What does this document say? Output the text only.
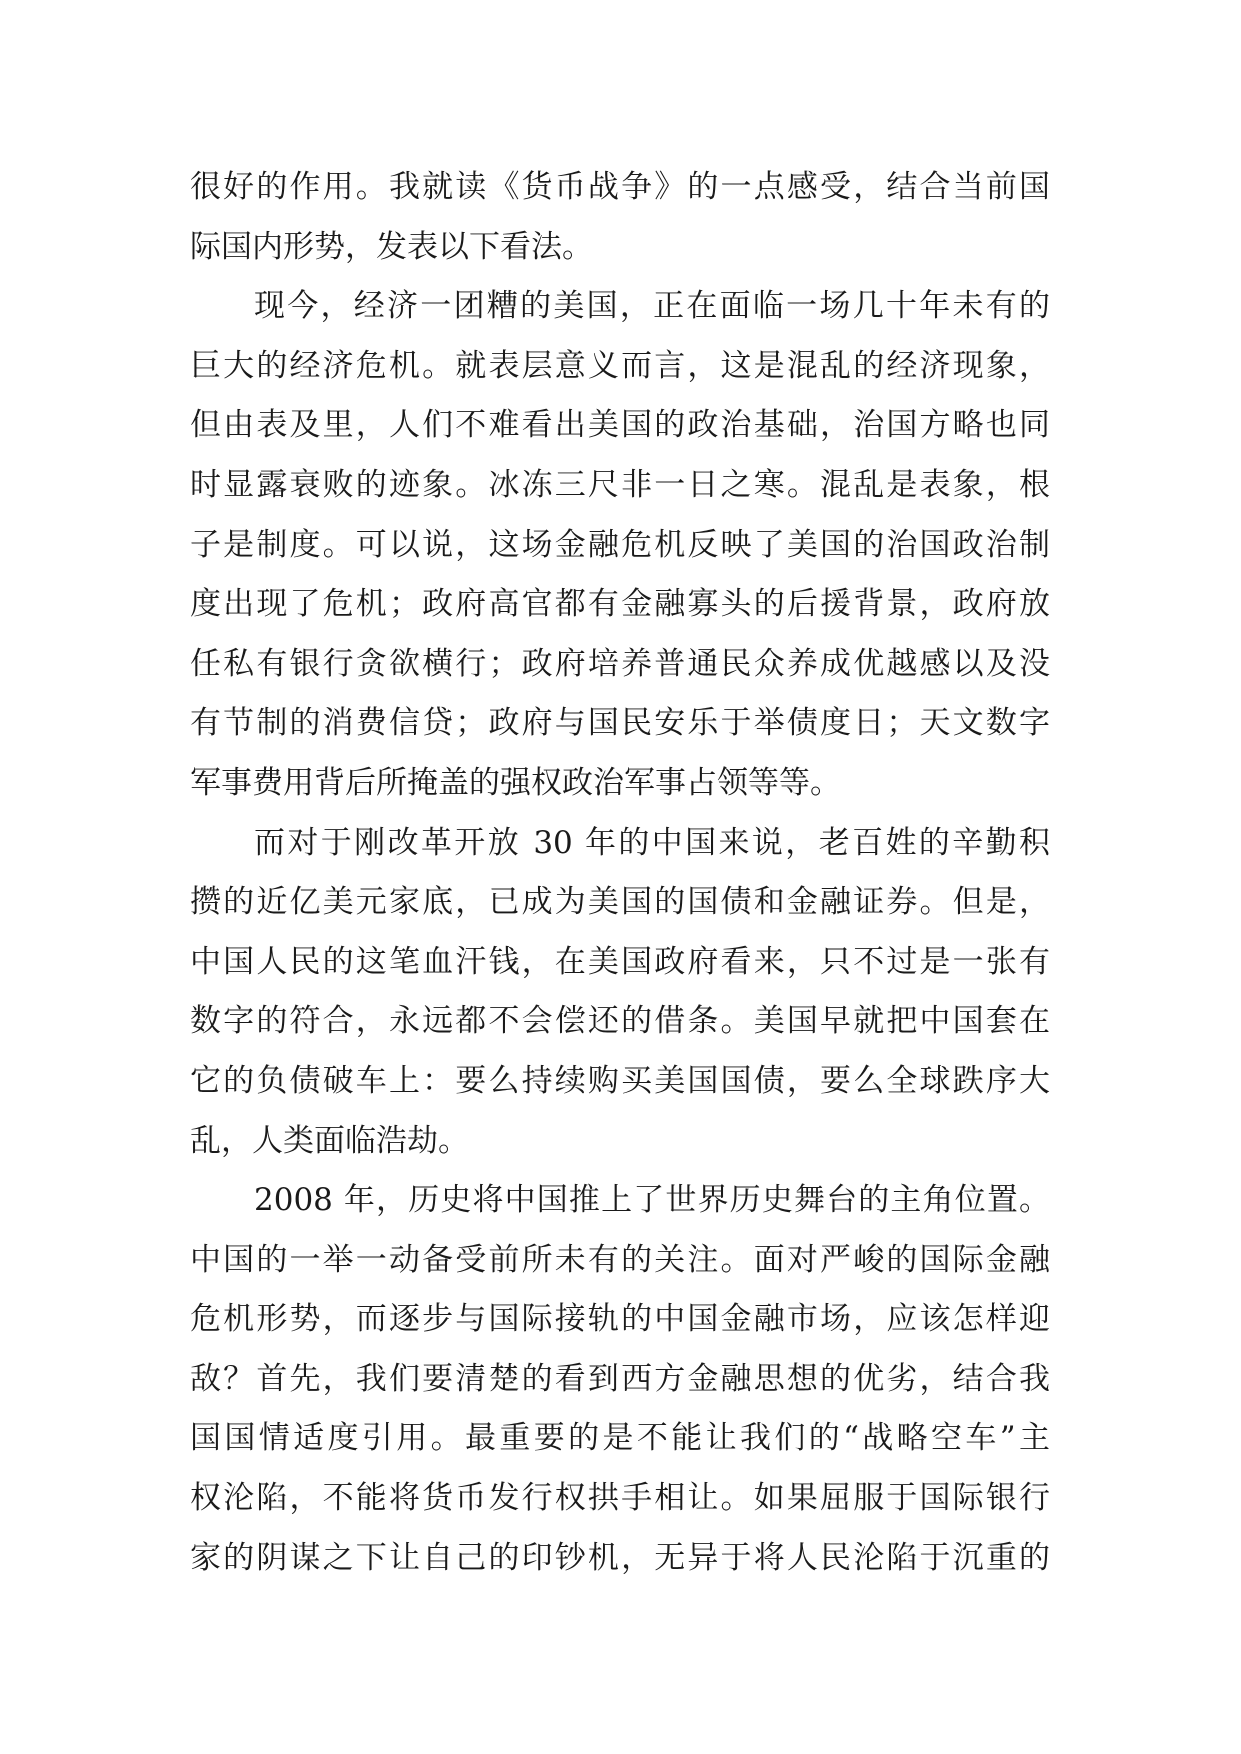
很好的作用。我就读《货币战争》的一点感受，结合当前国
际国内形势，发表以下看法。
现今，经济一团糟的美国，正在面临一场几十年未有的
巨大的经济危机。就表层意义而言，这是混乱的经济现象，
但由表及里，人们不难看出美国的政治基础，治国方略也同
时显露衰败的迹象。冰冻三尺非一日之寒。混乱是表象，根
子是制度。可以说，这场金融危机反映了美国的治国政治制
度出现了危机；政府高官都有金融寡头的后援背景，政府放
任私有银行贪欲横行；政府培养普通民众养成优越感以及没
有节制的消费信贷；政府与国民安乐于举债度日；天文数字
军事费用背后所掩盖的强权政治军事占领等等。
而对于刚改革开放 30 年的中国来说，老百姓的辛勤积
攒的近亿美元家底，已成为美国的国债和金融证券。但是，
中国人民的这笔血汗钱，在美国政府看来，只不过是一张有
数字的符合，永远都不会偿还的借条。美国早就把中国套在
它的负债破车上：要么持续购买美国国债，要么全球跌序大
乱，人类面临浩劫。
2008 年，历史将中国推上了世界历史舞台的主角位置。
中国的一举一动备受前所未有的关注。面对严峻的国际金融
危机形势，而逐步与国际接轨的中国金融市场，应该怎样迎
敌？首先，我们要清楚的看到西方金融思想的优劣，结合我
国国情适度引用。最重要的是不能让我们的“战略空车”主
权沦陷，不能将货币发行权拱手相让。如果屈服于国际银行
家的阴谋之下让自己的印钞机，无异于将人民沦陷于沉重的
